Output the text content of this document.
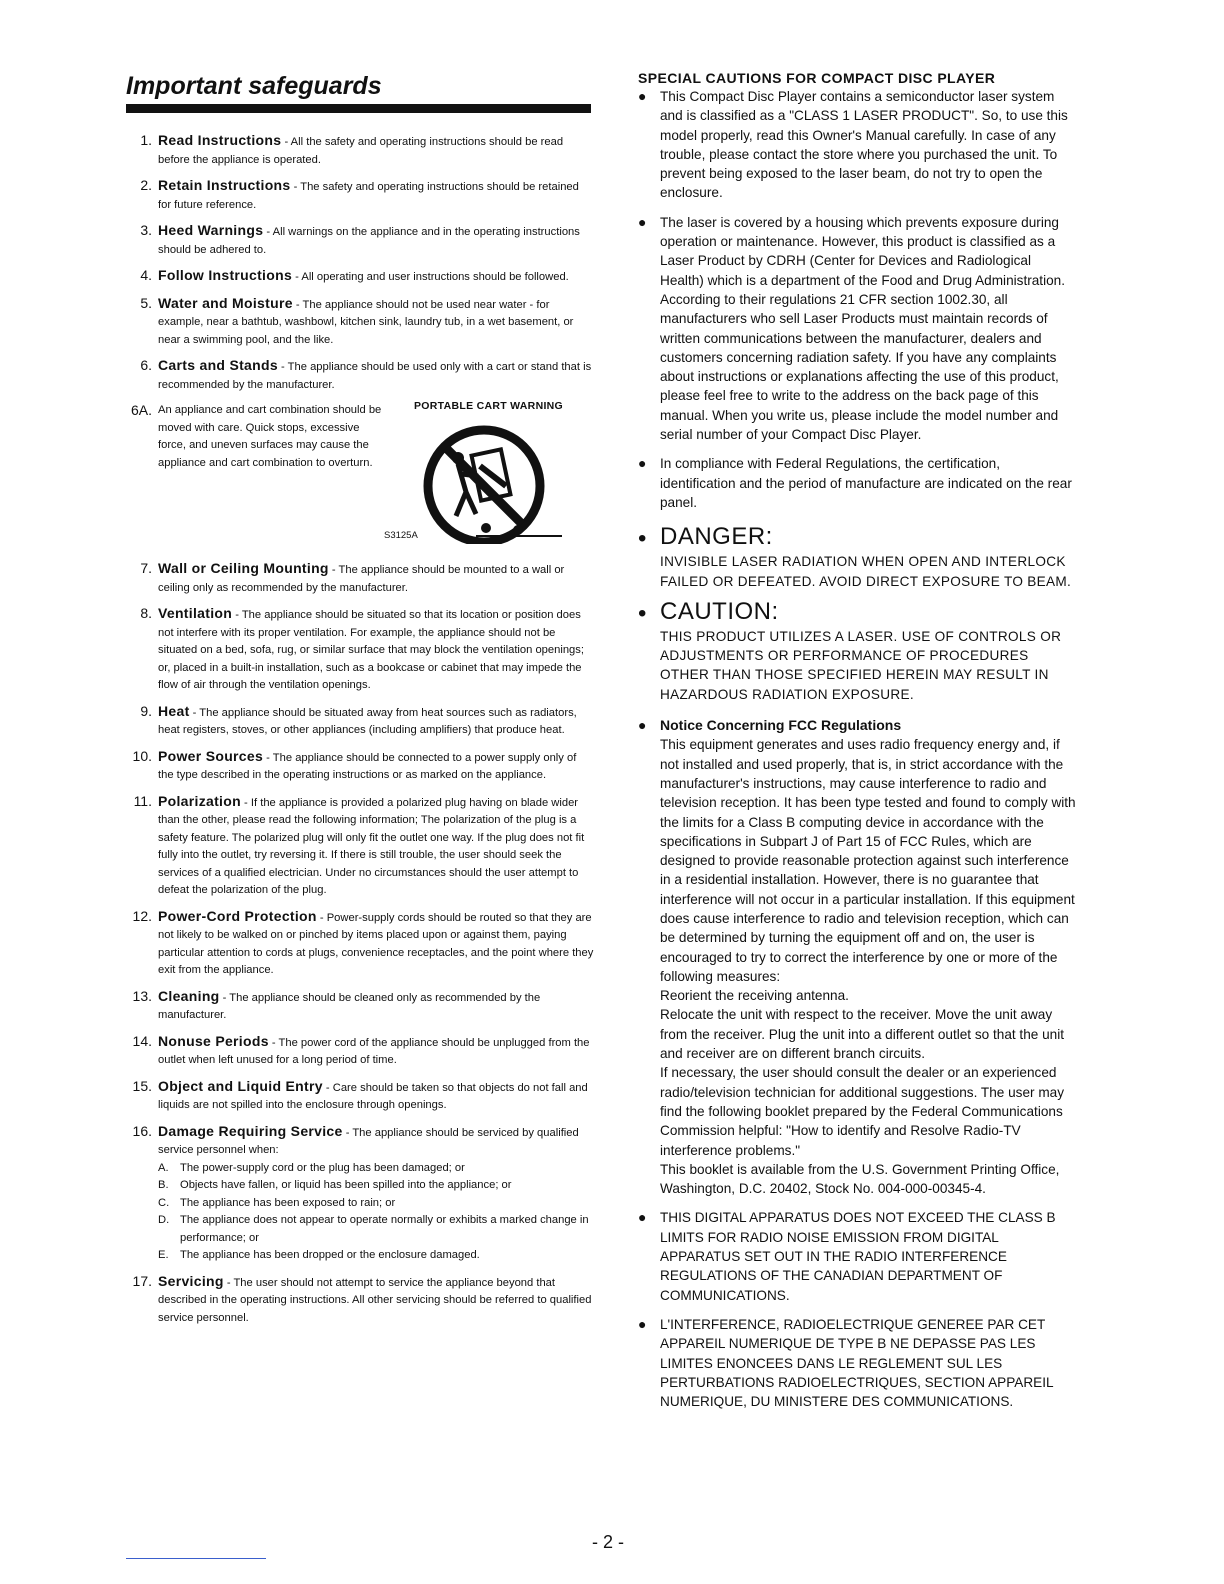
Important safeguards
1. Read Instructions - All the safety and operating instructions should be read before the appliance is operated.
2. Retain Instructions - The safety and operating instructions should be retained for future reference.
3. Heed Warnings - All warnings on the appliance and in the operating instructions should be adhered to.
4. Follow Instructions - All operating and user instructions should be followed.
5. Water and Moisture - The appliance should not be used near water - for example, near a bathtub, washbowl, kitchen sink, laundry tub, in a wet basement, or near a swimming pool, and the like.
6. Carts and Stands - The appliance should be used only with a cart or stand that is recommended by the manufacturer.
6A. An appliance and cart combination should be moved with care. Quick stops, excessive force, and uneven surfaces may cause the appliance and cart combination to overturn.
PORTABLE CART WARNING
S3125A
7. Wall or Ceiling Mounting - The appliance should be mounted to a wall or ceiling only as recommended by the manufacturer.
8. Ventilation - The appliance should be situated so that its location or position does not interfere with its proper ventilation. For example, the appliance should not be situated on a bed, sofa, rug, or similar surface that may block the ventilation openings; or, placed in a built-in installation, such as a bookcase or cabinet that may impede the flow of air through the ventilation openings.
9. Heat - The appliance should be situated away from heat sources such as radiators, heat registers, stoves, or other appliances (including amplifiers) that produce heat.
10. Power Sources - The appliance should be connected to a power supply only of the type described in the operating instructions or as marked on the appliance.
11. Polarization - If the appliance is provided a polarized plug having on blade wider than the other, please read the following information; The polarization of the plug is a safety feature. The polarized plug will only fit the outlet one way. If the plug does not fit fully into the outlet, try reversing it. If there is still trouble, the user should seek the services of a qualified electrician. Under no circumstances should the user attempt to defeat the polarization of the plug.
12. Power-Cord Protection - Power-supply cords should be routed so that they are not likely to be walked on or pinched by items placed upon or against them, paying particular attention to cords at plugs, convenience receptacles, and the point where they exit from the appliance.
13. Cleaning - The appliance should be cleaned only as recommended by the manufacturer.
14. Nonuse Periods - The power cord of the appliance should be unplugged from the outlet when left unused for a long period of time.
15. Object and Liquid Entry - Care should be taken so that objects do not fall and liquids are not spilled into the enclosure through openings.
16. Damage Requiring Service - The appliance should be serviced by qualified service personnel when:
A. The power-supply cord or the plug has been damaged; or
B. Objects have fallen, or liquid has been spilled into the appliance; or
C. The appliance has been exposed to rain; or
D. The appliance does not appear to operate normally or exhibits a marked change in performance; or
E. The appliance has been dropped or the enclosure damaged.
17. Servicing - The user should not attempt to service the appliance beyond that described in the operating instructions. All other servicing should be referred to qualified service personnel.
SPECIAL CAUTIONS FOR COMPACT DISC PLAYER
● This Compact Disc Player contains a semiconductor laser system and is classified as a "CLASS 1 LASER PRODUCT". So, to use this model properly, read this Owner's Manual carefully. In case of any trouble, please contact the store where you purchased the unit. To prevent being exposed to the laser beam, do not try to open the enclosure.
● The laser is covered by a housing which prevents exposure during operation or maintenance. However, this product is classified as a Laser Product by CDRH (Center for Devices and Radiological Health) which is a department of the Food and Drug Administration. According to their regulations 21 CFR section 1002.30, all manufacturers who sell Laser Products must maintain records of written communications between the manufacturer, dealers and customers concerning radiation safety. If you have any complaints about instructions or explanations affecting the use of this product, please feel free to write to the address on the back page of this manual. When you write us, please include the model number and serial number of your Compact Disc Player.
● In compliance with Federal Regulations, the certification, identification and the period of manufacture are indicated on the rear panel.
• DANGER:
INVISIBLE LASER RADIATION WHEN OPEN AND INTERLOCK FAILED OR DEFEATED. AVOID DIRECT EXPOSURE TO BEAM.
• CAUTION:
THIS PRODUCT UTILIZES A LASER. USE OF CONTROLS OR ADJUSTMENTS OR PERFORMANCE OF PROCEDURES OTHER THAN THOSE SPECIFIED HEREIN MAY RESULT IN HAZARDOUS RADIATION EXPOSURE.
● Notice Concerning FCC Regulations
This equipment generates and uses radio frequency energy and, if not installed and used properly, that is, in strict accordance with the manufacturer's instructions, may cause interference to radio and television reception. It has been type tested and found to comply with the limits for a Class B computing device in accordance with the specifications in Subpart J of Part 15 of FCC Rules, which are designed to provide reasonable protection against such interference in a residential installation. However, there is no guarantee that interference will not occur in a particular installation. If this equipment does cause interference to radio and television reception, which can be determined by turning the equipment off and on, the user is encouraged to try to correct the interference by one or more of the following measures:
Reorient the receiving antenna.
Relocate the unit with respect to the receiver. Move the unit away from the receiver. Plug the unit into a different outlet so that the unit and receiver are on different branch circuits.
If necessary, the user should consult the dealer or an experienced radio/television technician for additional suggestions. The user may find the following booklet prepared by the Federal Communications Commission helpful: "How to identify and Resolve Radio-TV interference problems."
This booklet is available from the U.S. Government Printing Office, Washington, D.C. 20402, Stock No. 004-000-00345-4.
● THIS DIGITAL APPARATUS DOES NOT EXCEED THE CLASS B LIMITS FOR RADIO NOISE EMISSION FROM DIGITAL APPARATUS SET OUT IN THE RADIO INTERFERENCE REGULATIONS OF THE CANADIAN DEPARTMENT OF COMMUNICATIONS.
● L'INTERFERENCE, RADIOELECTRIQUE GENEREE PAR CET APPAREIL NUMERIQUE DE TYPE B NE DEPASSE PAS LES LIMITES ENONCEES DANS LE REGLEMENT SUL LES PERTURBATIONS RADIOELECTRIQUES, SECTION APPAREIL NUMERIQUE, DU MINISTERE DES COMMUNICATIONS.
- 2 -
